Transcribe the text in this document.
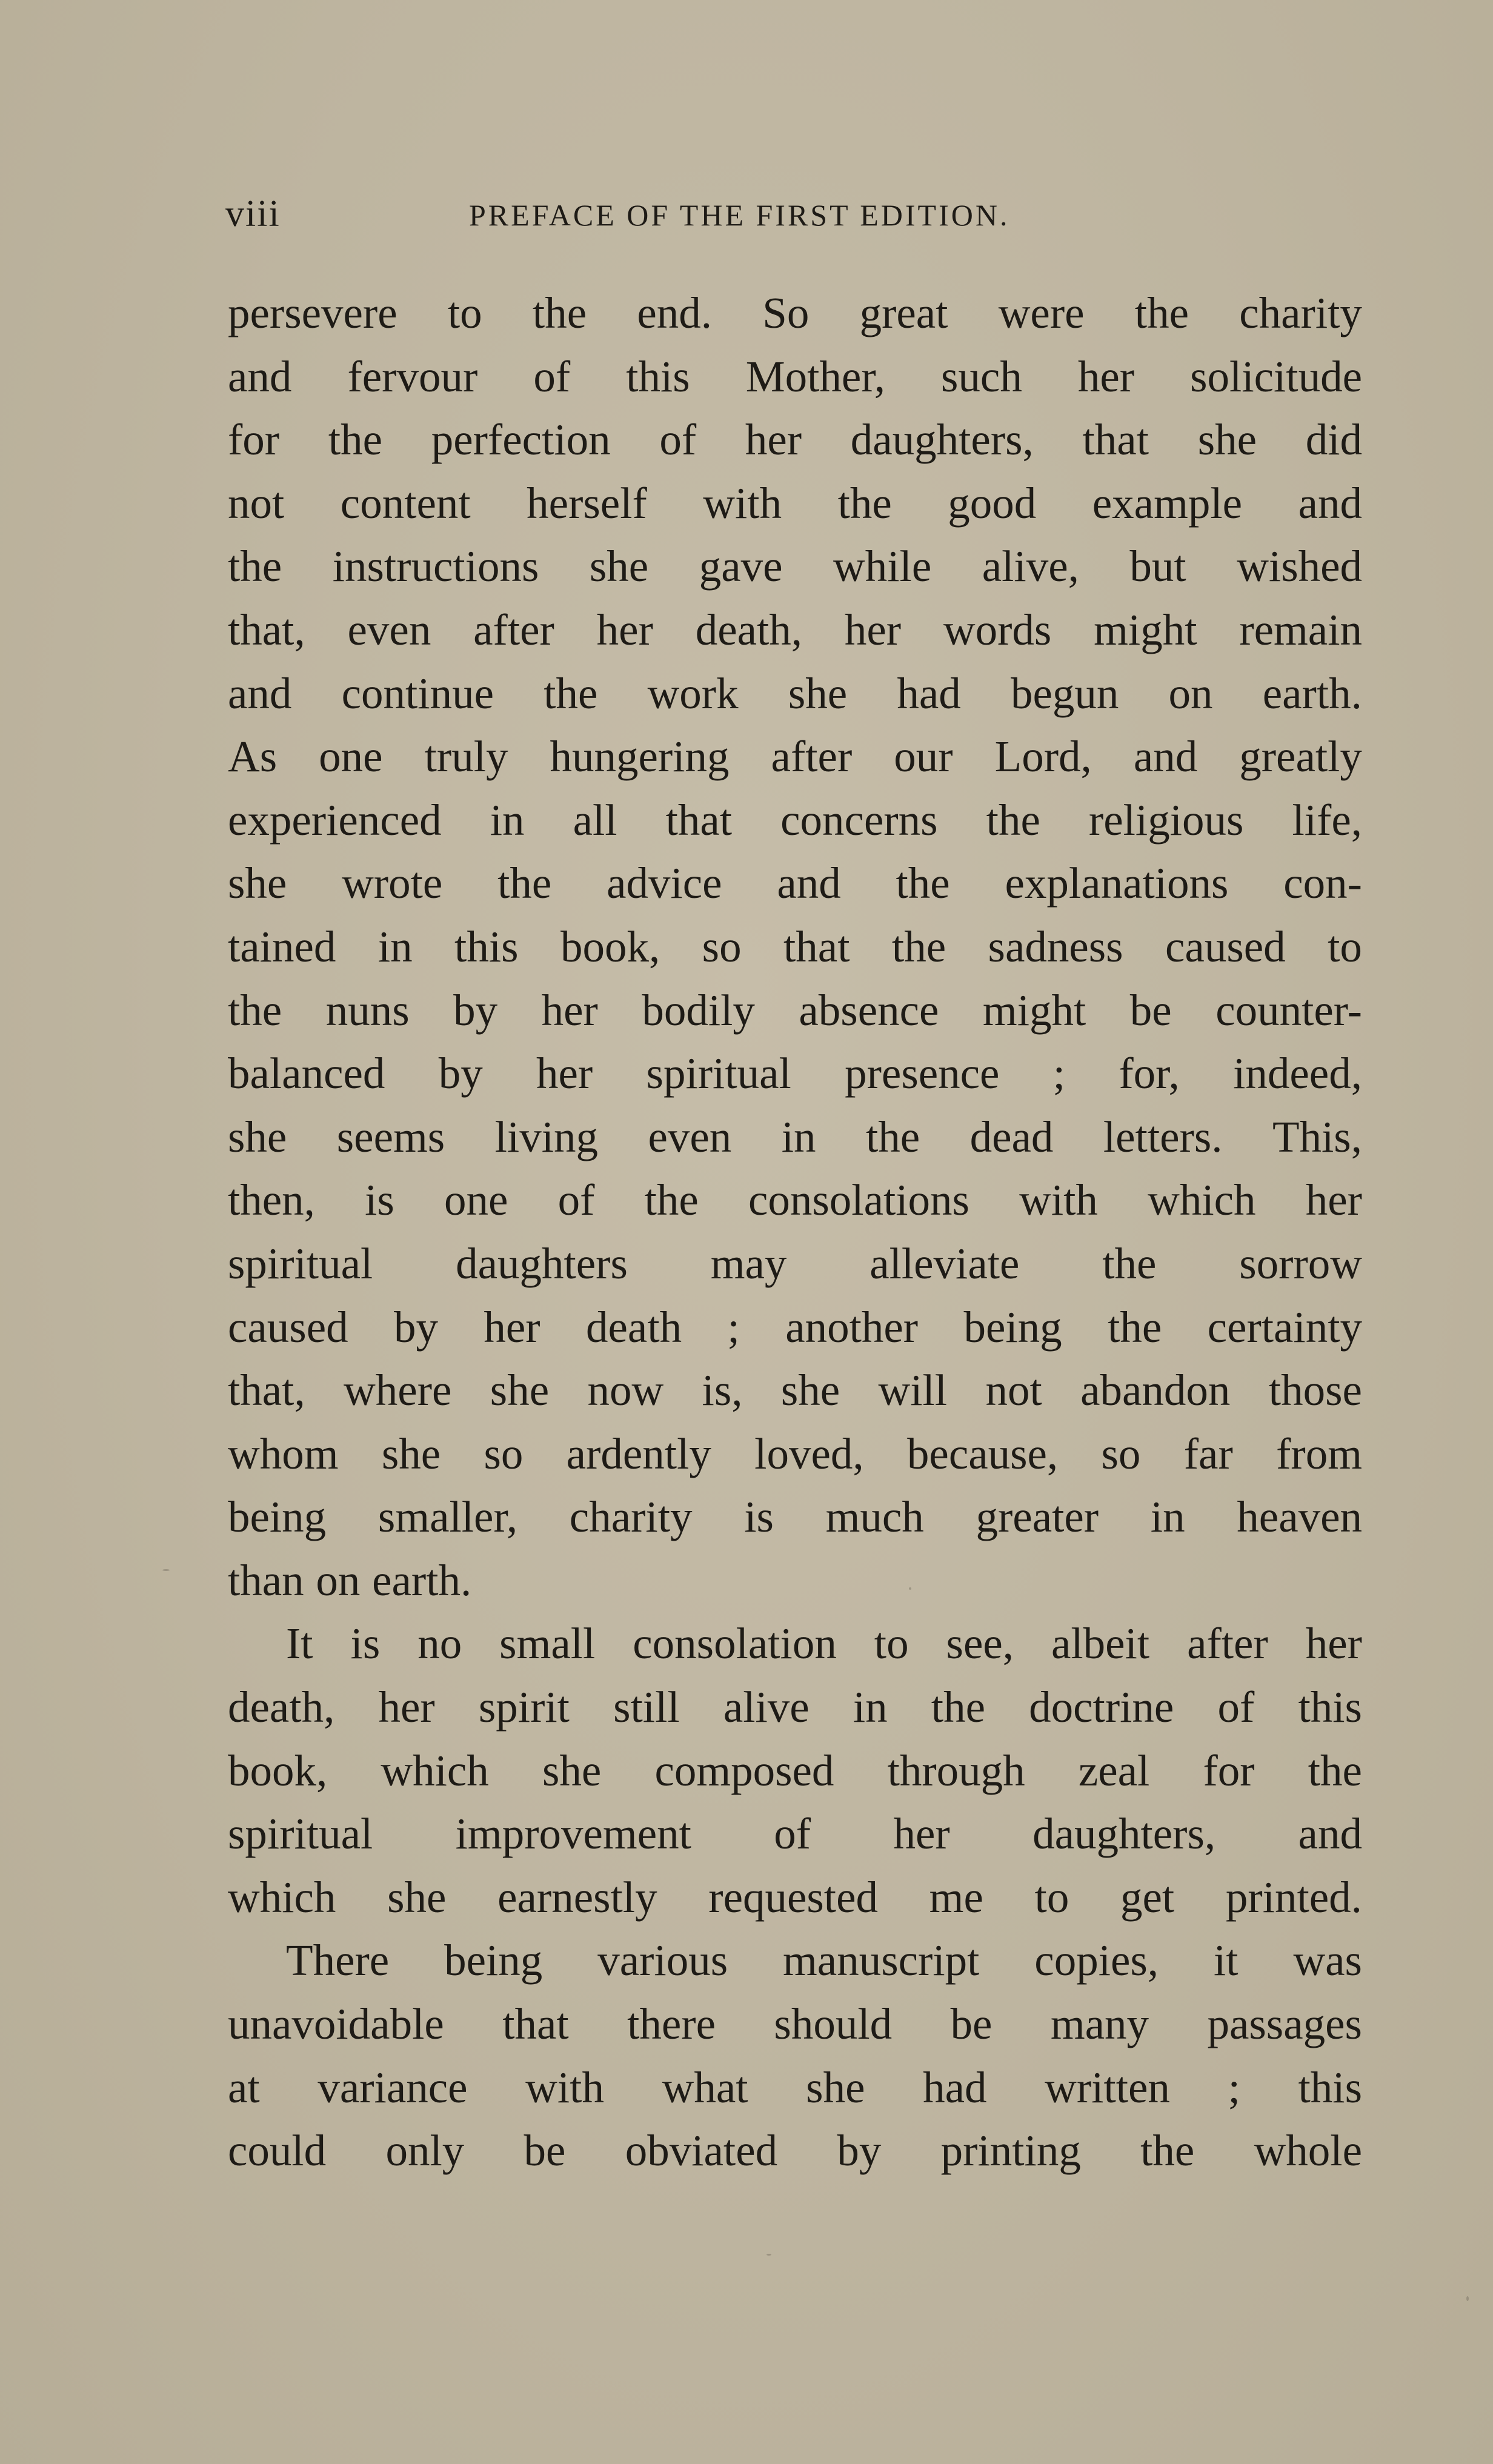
viii	PREFACE OF THE FIRST EDITION.
persevere to the end. So great were the charity
and fervour of this Mother, such her solicitude
for the perfection of her daughters, that she did
not content herself with the good example and
the instructions she gave while alive, but wished
that, even after her death, her words might remain
and continue the work she had begun on earth.
As one truly hungering after our Lord, and greatly
experienced in all that concerns the religious life,
she wrote the advice and the explanations con-
tained in this book, so that the sadness caused to
the nuns by her bodily absence might be counter-
balanced by her spiritual presence ; for, indeed,
she seems living even in the dead letters. This,
then, is one of the consolations with which her
spiritual daughters may alleviate the sorrow
caused by her death ; another being the certainty
that, where she now is, she will not abandon those
whom she so ardently loved, because, so far from
being smaller, charity is much greater in heaven
than on earth.
It is no small consolation to see, albeit after her
death, her spirit still alive in the doctrine of this
book, which she composed through zeal for the
spiritual improvement of her daughters, and
which she earnestly requested me to get printed.
There being various manuscript copies, it was
unavoidable that there should be many passages
at variance with what she had written ; this
could only be obviated by printing the whole
